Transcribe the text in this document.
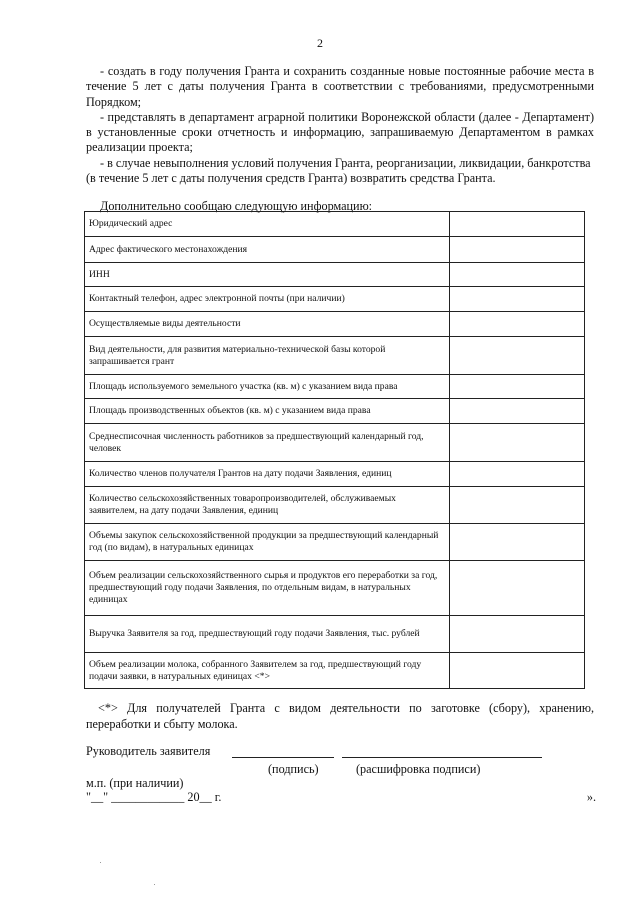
2

- создать в году получения Гранта и сохранить созданные новые постоянные рабочие места в течение 5 лет с даты получения Гранта в соответствии с требованиями, предусмотренными Порядком;

- представлять в департамент аграрной политики Воронежской области (далее - Департамент) в установленные сроки отчетность и информацию, запрашиваемую Департаментом в рамках реализации проекта;

- в случае невыполнения условий получения Гранта, реорганизации, ликвидации, банкротства (в течение 5 лет с даты получения средств Гранта) возвратить средства Гранта.

Дополнительно сообщаю следующую информацию:
Юридический адрес	
Адрес фактического местонахождения	
ИНН	
Контактный телефон, адрес электронной почты (при наличии)	
Осуществляемые виды деятельности	
Вид деятельности, для развития материально-технической базы которой запрашивается грант	
Площадь используемого земельного участка (кв. м) с указанием вида права	
Площадь производственных объектов (кв. м) с указанием вида права	
Среднесписочная численность работников за предшествующий календарный год, человек	
Количество членов получателя Грантов на дату подачи Заявления, единиц	
Количество сельскохозяйственных товаропроизводителей, обслуживаемых заявителем, на дату подачи Заявления, единиц	
Объемы закупок сельскохозяйственной продукции за предшествующий календарный год (по видам), в натуральных единицах	
Объем реализации сельскохозяйственного сырья и продуктов его переработки за год, предшествующий году подачи Заявления, по отдельным видам, в натуральных единицах	
Выручка Заявителя за год, предшествующий году подачи Заявления, тыс. рублей	
Объем реализации молока, собранного Заявителем за год, предшествующий году подачи заявки, в натуральных единицах <*>	
<*> Для получателей Гранта с видом деятельности по заготовке (сбору), хранению, переработки и сбыту молока.
Руководитель заявителя
(подпись)	(расшифровка подписи)
м.п. (при наличии)
"__" ____________ 20__ г.	».
